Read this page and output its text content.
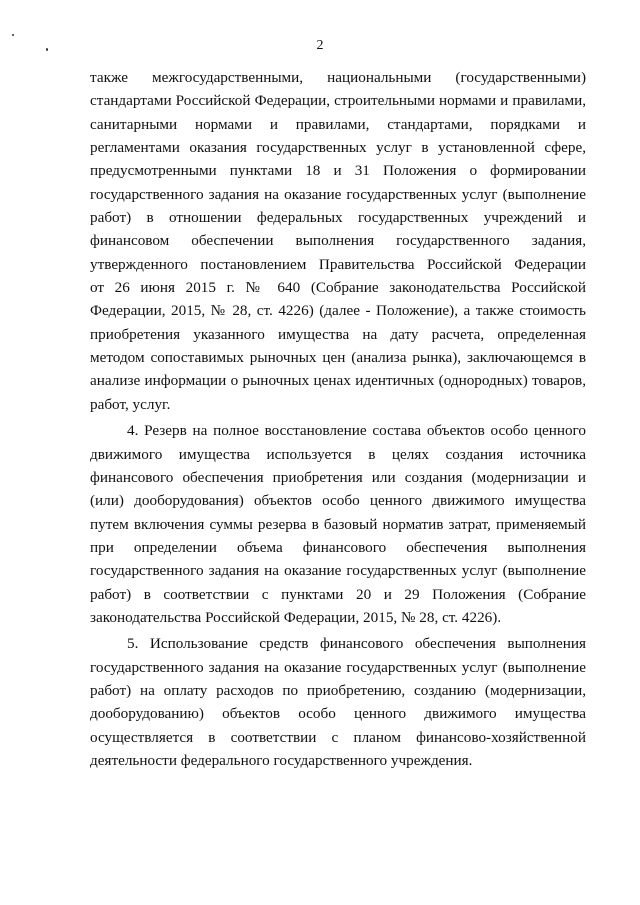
2
также межгосударственными, национальными (государственными)
стандартами Российской Федерации, строительными нормами и правилами,
санитарными нормами и правилами, стандартами, порядками и
регламентами оказания государственных услуг в установленной сфере,
предусмотренными пунктами 18 и 31 Положения о формировании
государственного задания на оказание государственных услуг (выполнение
работ) в отношении федеральных государственных учреждений и
финансовом обеспечении выполнения государственного задания,
утвержденного постановлением Правительства Российской Федерации
от 26 июня 2015 г. № 640 (Собрание законодательства Российской
Федерации, 2015, № 28, ст. 4226) (далее - Положение), а также стоимость
приобретения указанного имущества на дату расчета, определенная
методом сопоставимых рыночных цен (анализа рынка), заключающемся в
анализе информации о рыночных ценах идентичных (однородных) товаров,
работ, услуг.
4. Резерв на полное восстановление состава объектов особо ценного
движимого имущества используется в целях создания источника
финансового обеспечения приобретения или создания (модернизации и
(или) дооборудования) объектов особо ценного движимого имущества
путем включения суммы резерва в базовый норматив затрат, применяемый
при определении объема финансового обеспечения выполнения
государственного задания на оказание государственных услуг (выполнение
работ) в соответствии с пунктами 20 и 29 Положения (Собрание
законодательства Российской Федерации, 2015, № 28, ст. 4226).
5. Использование средств финансового обеспечения выполнения
государственного задания на оказание государственных услуг (выполнение
работ) на оплату расходов по приобретению, созданию (модернизации,
дооборудованию) объектов особо ценного движимого имущества
осуществляется в соответствии с планом финансово-хозяйственной
деятельности федерального государственного учреждения.
